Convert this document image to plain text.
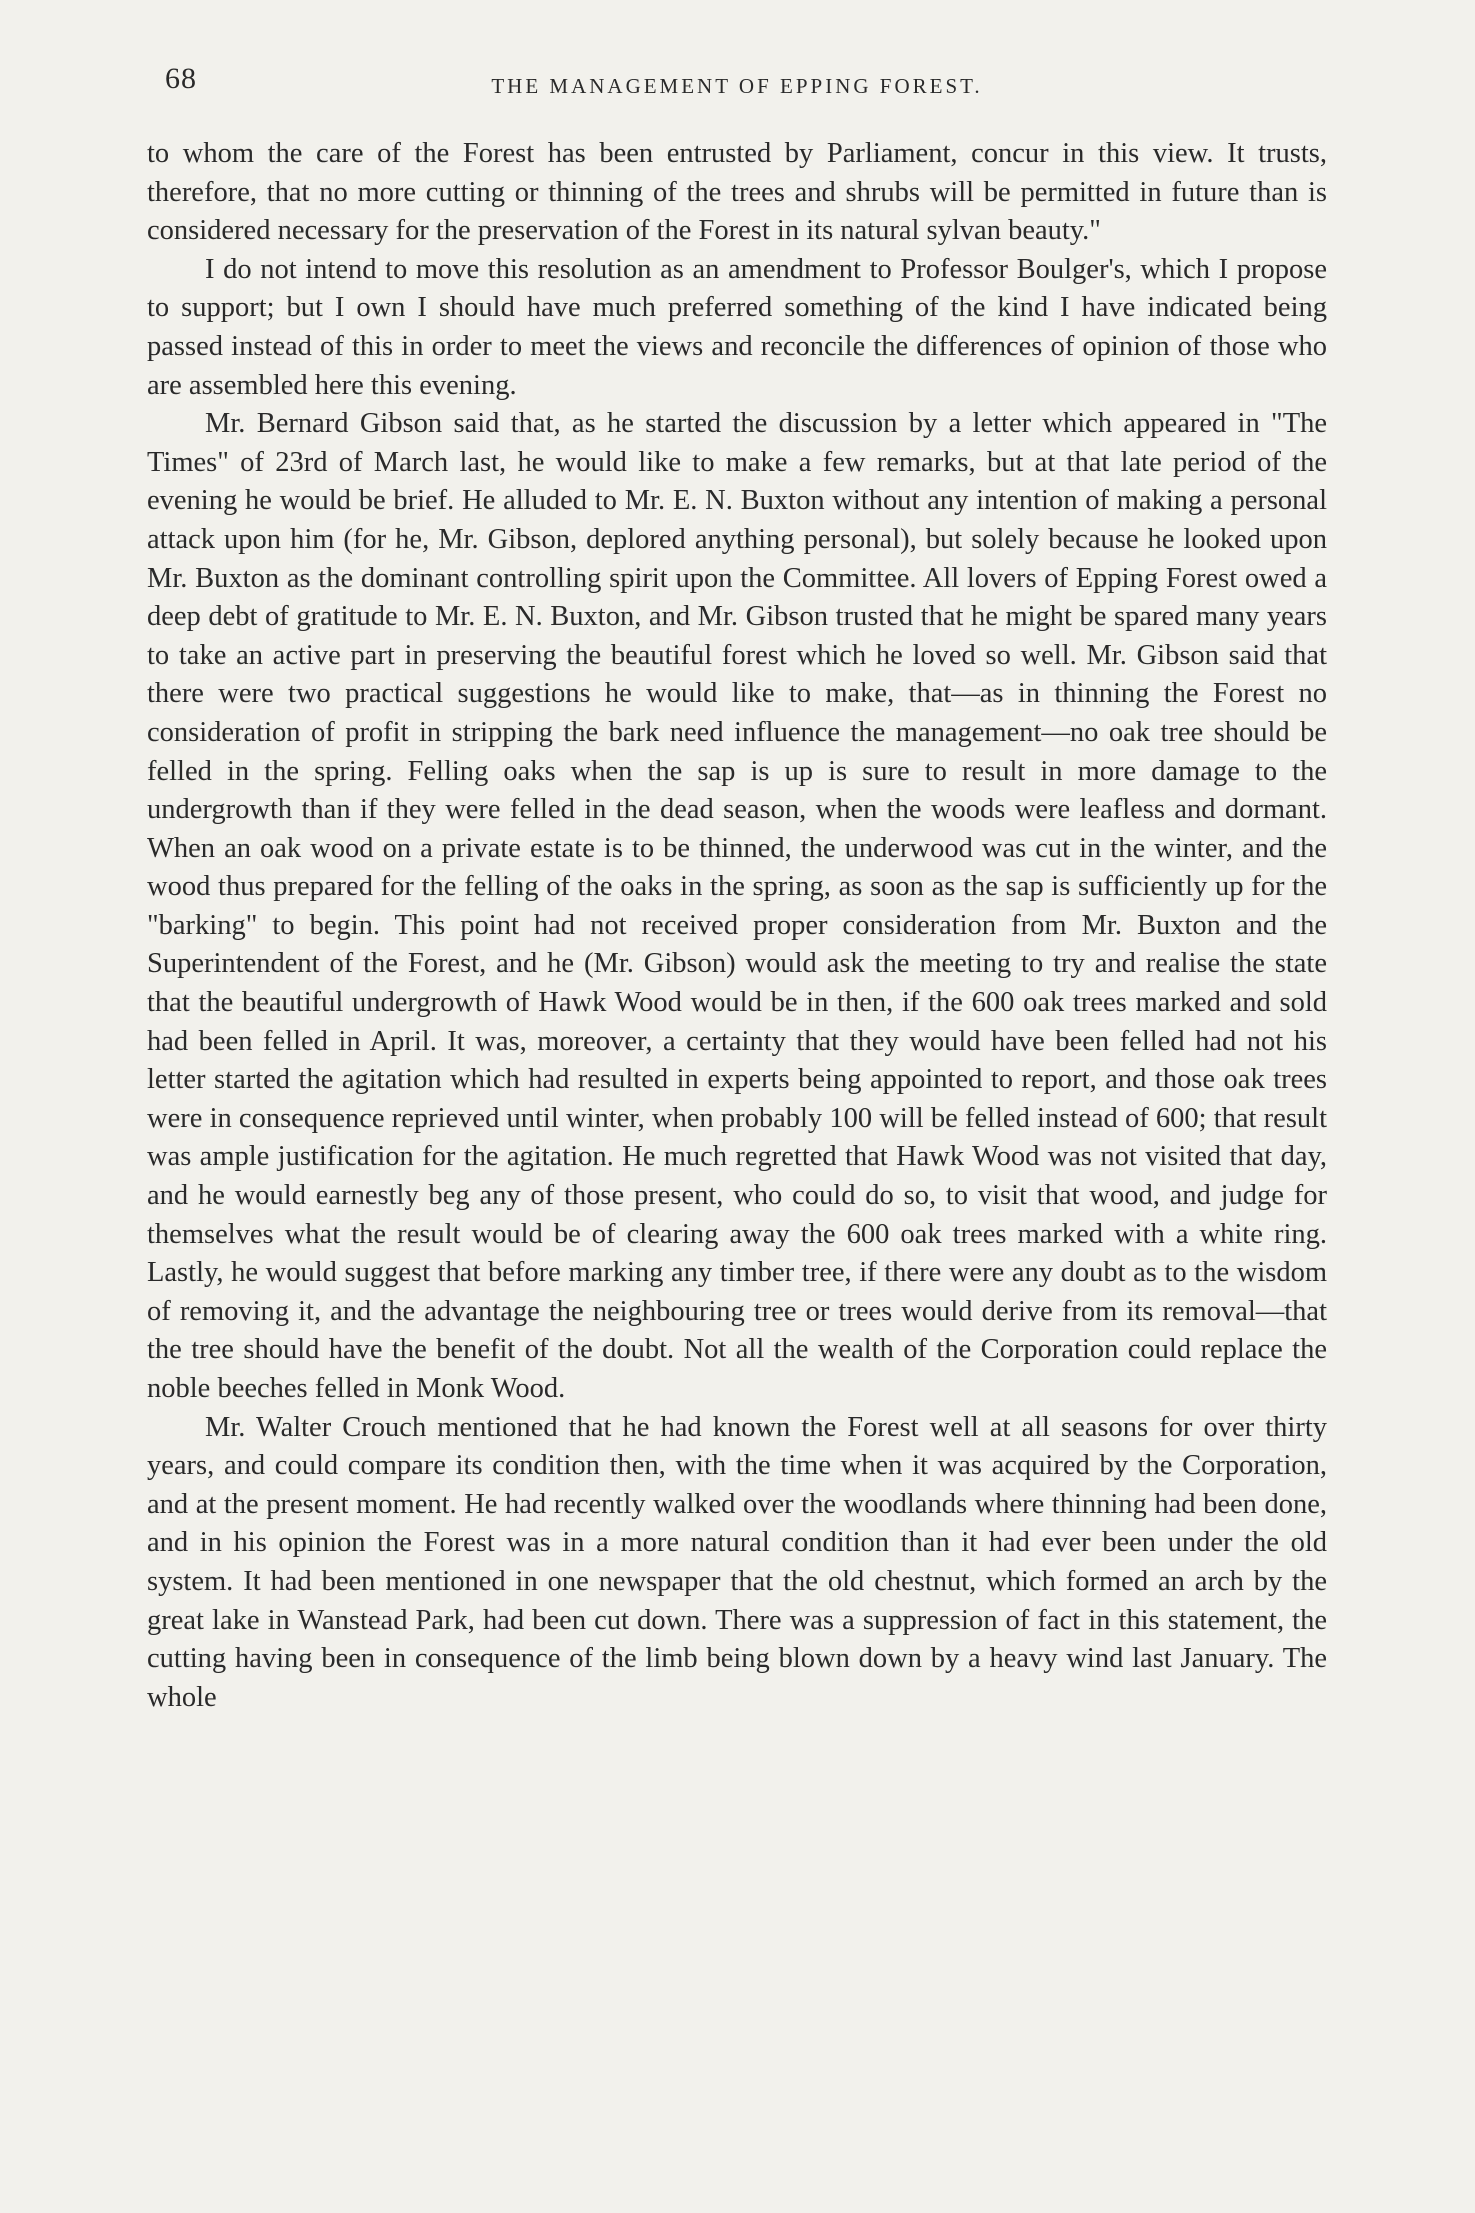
68	THE MANAGEMENT OF EPPING FOREST.

to whom the care of the Forest has been entrusted by Parliament, concur in this view. It trusts, therefore, that no more cutting or thinning of the trees and shrubs will be permitted in future than is considered necessary for the preservation of the Forest in its natural sylvan beauty."

I do not intend to move this resolution as an amendment to Professor Boulger's, which I propose to support; but I own I should have much preferred something of the kind I have indicated being passed instead of this in order to meet the views and reconcile the differences of opinion of those who are assembled here this evening.

Mr. Bernard Gibson said that, as he started the discussion by a letter which appeared in "The Times" of 23rd of March last, he would like to make a few remarks, but at that late period of the evening he would be brief. He alluded to Mr. E. N. Buxton without any intention of making a personal attack upon him (for he, Mr. Gibson, deplored anything personal), but solely because he looked upon Mr. Buxton as the dominant controlling spirit upon the Committee. All lovers of Epping Forest owed a deep debt of gratitude to Mr. E. N. Buxton, and Mr. Gibson trusted that he might be spared many years to take an active part in preserving the beautiful forest which he loved so well. Mr. Gibson said that there were two practical suggestions he would like to make, that—as in thinning the Forest no consideration of profit in stripping the bark need influence the management—no oak tree should be felled in the spring. Felling oaks when the sap is up is sure to result in more damage to the undergrowth than if they were felled in the dead season, when the woods were leafless and dormant. When an oak wood on a private estate is to be thinned, the underwood was cut in the winter, and the wood thus prepared for the felling of the oaks in the spring, as soon as the sap is sufficiently up for the "barking" to begin. This point had not received proper consideration from Mr. Buxton and the Superintendent of the Forest, and he (Mr. Gibson) would ask the meeting to try and realise the state that the beautiful undergrowth of Hawk Wood would be in then, if the 600 oak trees marked and sold had been felled in April. It was, moreover, a certainty that they would have been felled had not his letter started the agitation which had resulted in experts being appointed to report, and those oak trees were in consequence reprieved until winter, when probably 100 will be felled instead of 600; that result was ample justification for the agitation. He much regretted that Hawk Wood was not visited that day, and he would earnestly beg any of those present, who could do so, to visit that wood, and judge for themselves what the result would be of clearing away the 600 oak trees marked with a white ring. Lastly, he would suggest that before marking any timber tree, if there were any doubt as to the wisdom of removing it, and the advantage the neighbouring tree or trees would derive from its removal—that the tree should have the benefit of the doubt. Not all the wealth of the Corporation could replace the noble beeches felled in Monk Wood.

Mr. Walter Crouch mentioned that he had known the Forest well at all seasons for over thirty years, and could compare its condition then, with the time when it was acquired by the Corporation, and at the present moment. He had recently walked over the woodlands where thinning had been done, and in his opinion the Forest was in a more natural condition than it had ever been under the old system. It had been mentioned in one newspaper that the old chestnut, which formed an arch by the great lake in Wanstead Park, had been cut down. There was a suppression of fact in this statement, the cutting having been in consequence of the limb being blown down by a heavy wind last January. The whole
